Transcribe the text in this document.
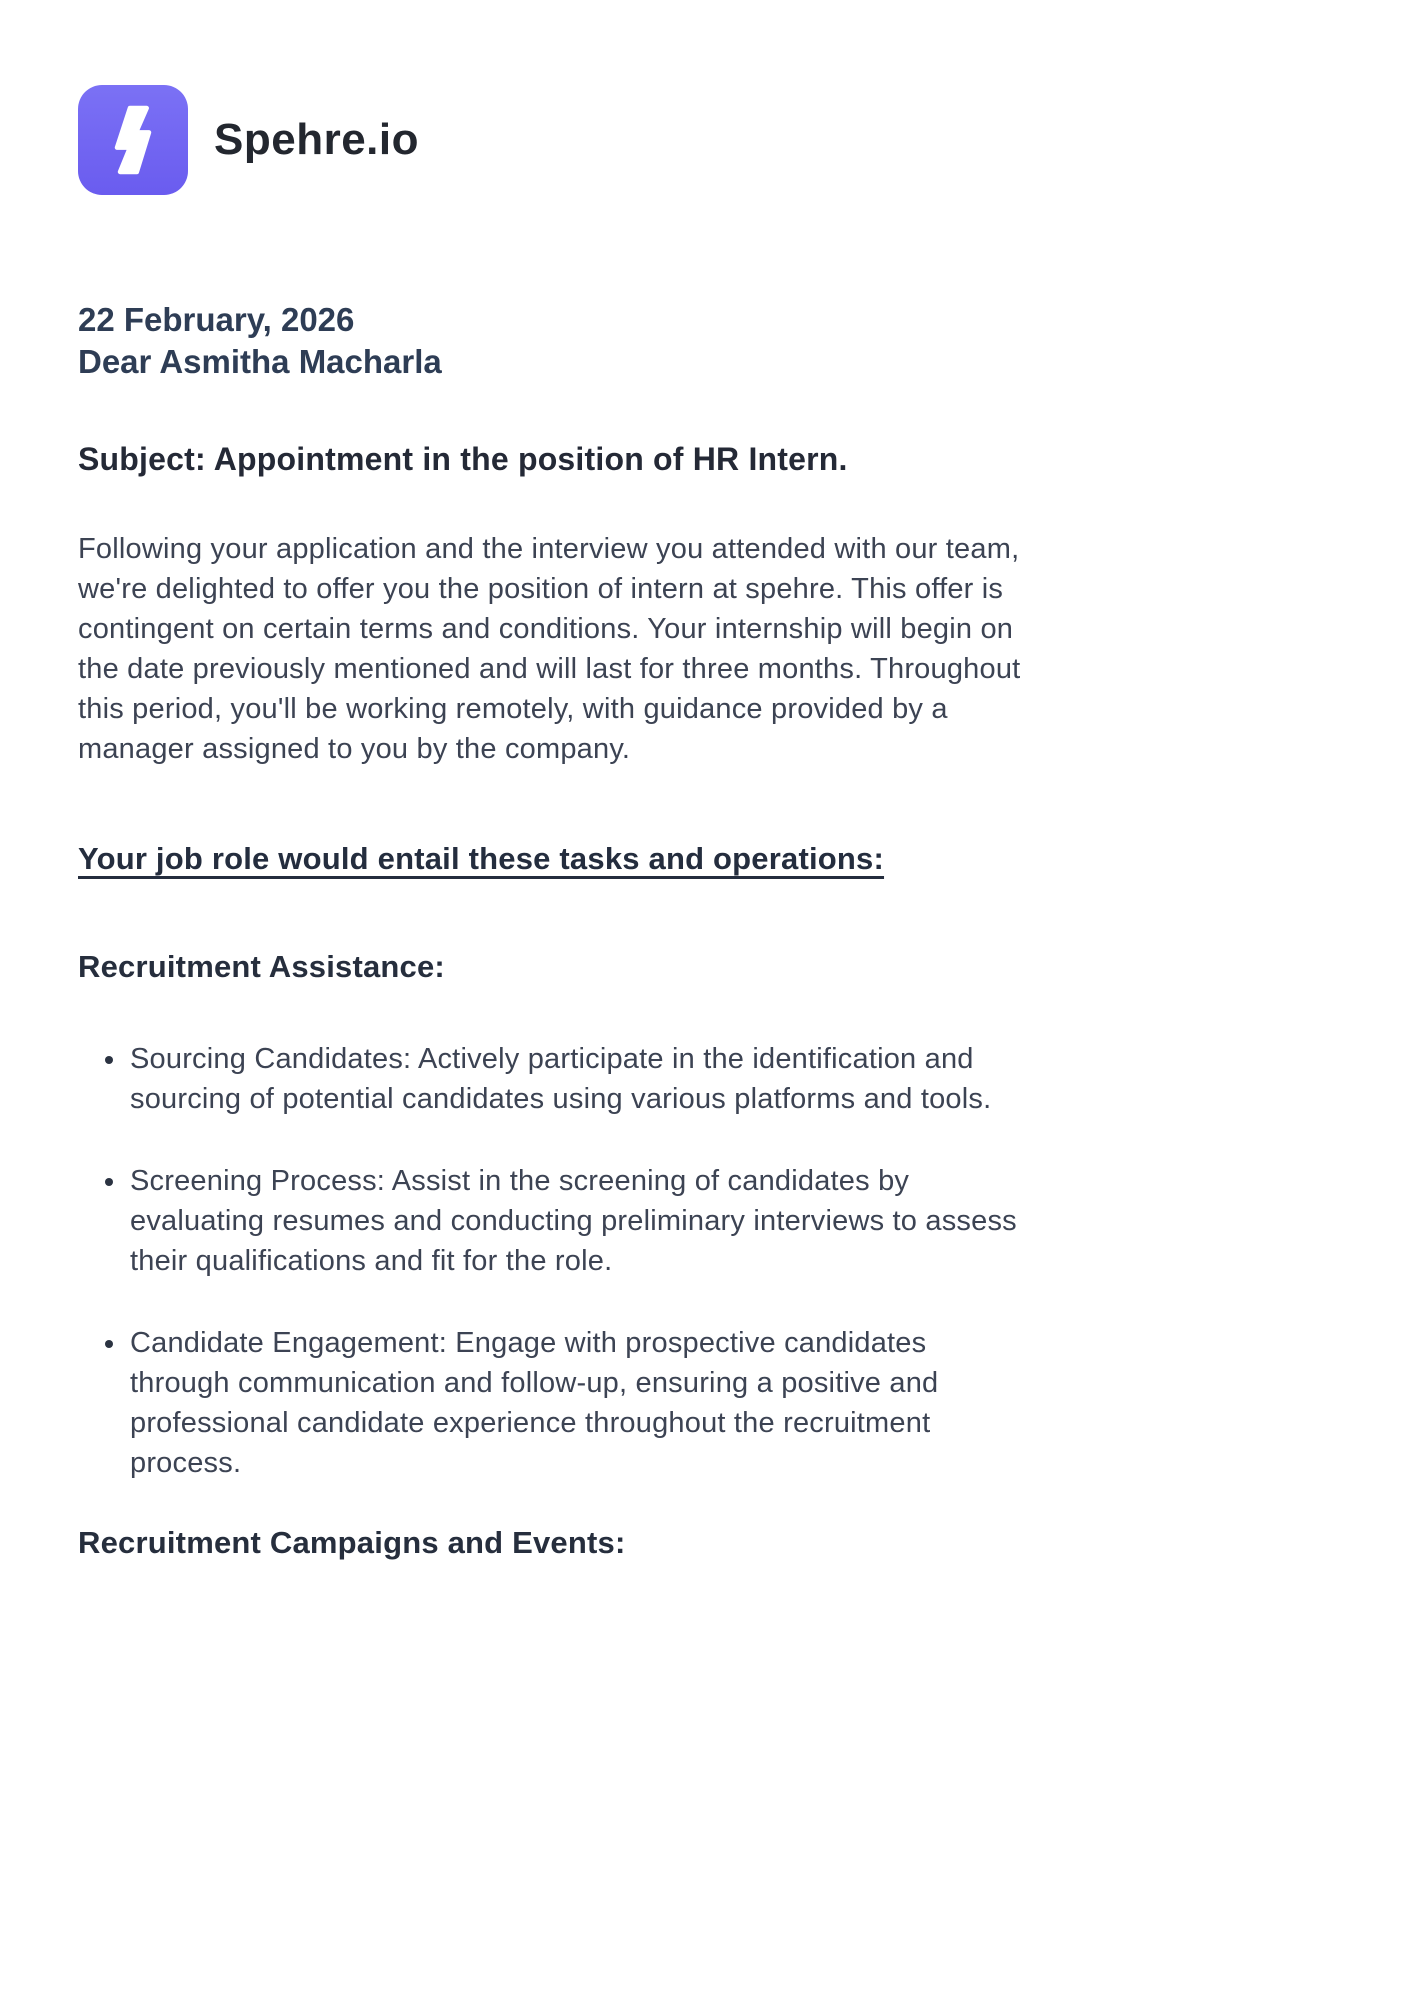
Spehre.io
22 February, 2026
Dear Asmitha Macharla

Subject: Appointment in the position of HR Intern.

Following your application and the interview you attended with our team, we're delighted to offer you the position of intern at spehre. This offer is contingent on certain terms and conditions. Your internship will begin on the date previously mentioned and will last for three months. Throughout this period, you'll be working remotely, with guidance provided by a manager assigned to you by the company.

Your job role would entail these tasks and operations:

Recruitment Assistance:

• Sourcing Candidates: Actively participate in the identification and sourcing of potential candidates using various platforms and tools.
• Screening Process: Assist in the screening of candidates by evaluating resumes and conducting preliminary interviews to assess their qualifications and fit for the role.
• Candidate Engagement: Engage with prospective candidates through communication and follow-up, ensuring a positive and professional candidate experience throughout the recruitment process.

Recruitment Campaigns and Events:
